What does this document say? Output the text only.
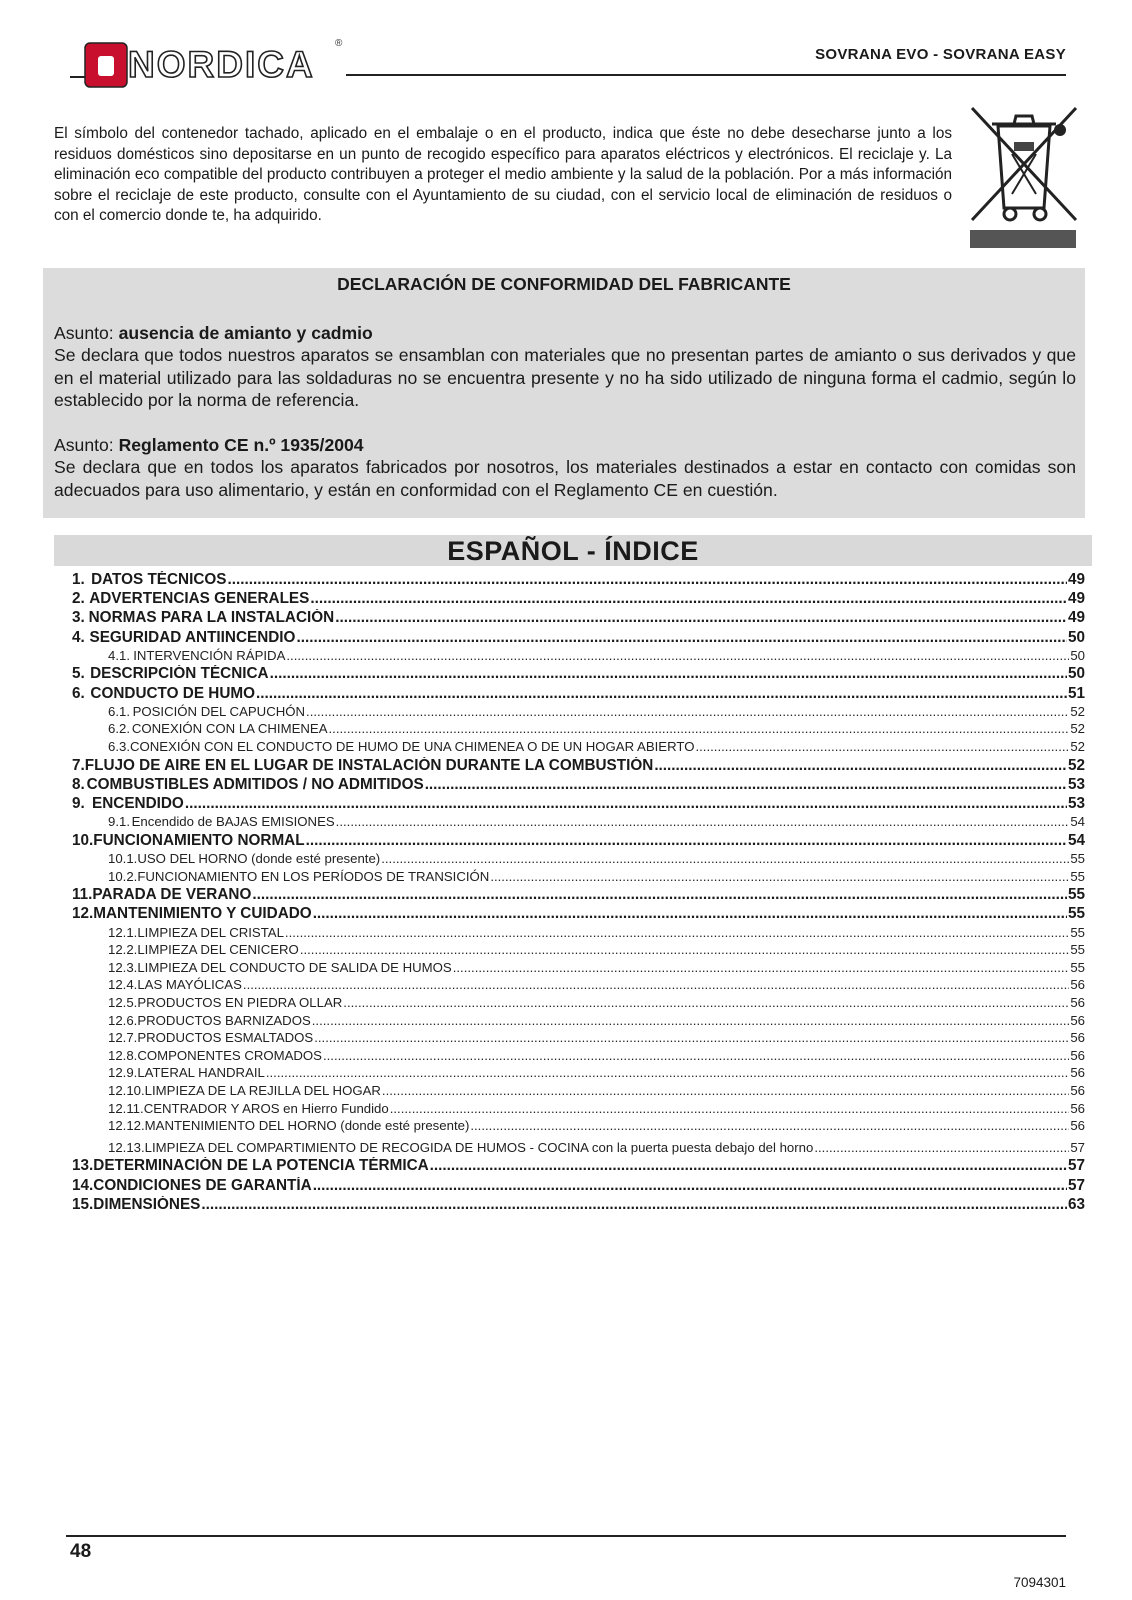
NORDICA
®
SOVRANA EVO - SOVRANA EASY
El símbolo del contenedor tachado, aplicado en el embalaje o en el producto, indica que éste no debe desecharse junto a los residuos domésticos sino depositarse en un punto de recogido específico para aparatos eléctricos y electrónicos. El reciclaje y. La eliminación eco compatible del producto contribuyen a proteger el medio ambiente y la salud de la población. Por a más información sobre el reciclaje de este producto, consulte con el Ayuntamiento de su ciudad, con el servicio local de eliminación de residuos o con el comercio donde te, ha adquirido.
DECLARACIÓN DE CONFORMIDAD DEL FABRICANTE
Asunto: ausencia de amianto y cadmio
Se declara que todos nuestros aparatos se ensamblan con materiales que no presentan partes de amianto o sus derivados y que en el material utilizado para las soldaduras no se encuentra presente y no ha sido utilizado de ninguna forma el cadmio, según lo establecido por la norma de referencia.
Asunto: Reglamento CE n.º 1935/2004
Se declara que en todos los aparatos fabricados por nosotros, los materiales destinados a estar en contacto con comidas son adecuados para uso alimentario, y están en conformidad con el Reglamento CE en cuestión.
ESPAÑOL - ÍNDICE
1. DATOS TÉCNICOS .....	49
2. ADVERTENCIAS GENERALES .....	49
3. NORMAS PARA LA INSTALACIÓN .....	49
4. SEGURIDAD ANTIINCENDIO .....	50
4.1. INTERVENCIÓN RÁPIDA .....	50
5. DESCRIPCIÓN TÉCNICA .....	50
6. CONDUCTO DE HUMO .....	51
6.1. POSICIÓN DEL CAPUCHÓN .....	52
6.2. CONEXIÓN CON LA CHIMENEA .....	52
6.3. CONEXIÓN CON EL CONDUCTO DE HUMO DE UNA CHIMENEA O DE UN HOGAR ABIERTO .....	52
7. FLUJO DE AIRE EN EL LUGAR DE INSTALACIÓN DURANTE LA COMBUSTIÓN .....	52
8. COMBUSTIBLES ADMITIDOS / NO ADMITIDOS .....	53
9. ENCENDIDO .....	53
9.1. Encendido de BAJAS EMISIONES .....	54
10. FUNCIONAMIENTO NORMAL .....	54
10.1. USO DEL HORNO (donde esté presente) .....	55
10.2. FUNCIONAMIENTO EN LOS PERÍODOS DE TRANSICIÓN .....	55
11. PARADA DE VERANO .....	55
12. MANTENIMIENTO Y CUIDADO .....	55
12.1. LIMPIEZA DEL CRISTAL .....	55
12.2. LIMPIEZA DEL CENICERO .....	55
12.3. LIMPIEZA DEL CONDUCTO DE SALIDA DE HUMOS .....	55
12.4. LAS MAYÓLICAS .....	56
12.5. PRODUCTOS EN PIEDRA OLLAR .....	56
12.6. PRODUCTOS BARNIZADOS .....	56
12.7. PRODUCTOS ESMALTADOS .....	56
12.8. COMPONENTES CROMADOS .....	56
12.9. LATERAL HANDRAIL .....	56
12.10. LIMPIEZA DE LA REJILLA DEL HOGAR .....	56
12.11. CENTRADOR Y AROS en Hierro Fundido .....	56
12.12. MANTENIMIENTO DEL HORNO (donde esté presente) .....	56
12.13. LIMPIEZA DEL COMPARTIMIENTO DE RECOGIDA DE HUMOS - COCINA con la puerta puesta debajo del horno .....	57
13. DETERMINACIÓN DE LA POTENCIA TÉRMICA .....	57
14. CONDICIONES DE GARANTÍA .....	57
15. DIMENSIÓNES .....	63
48
7094301
